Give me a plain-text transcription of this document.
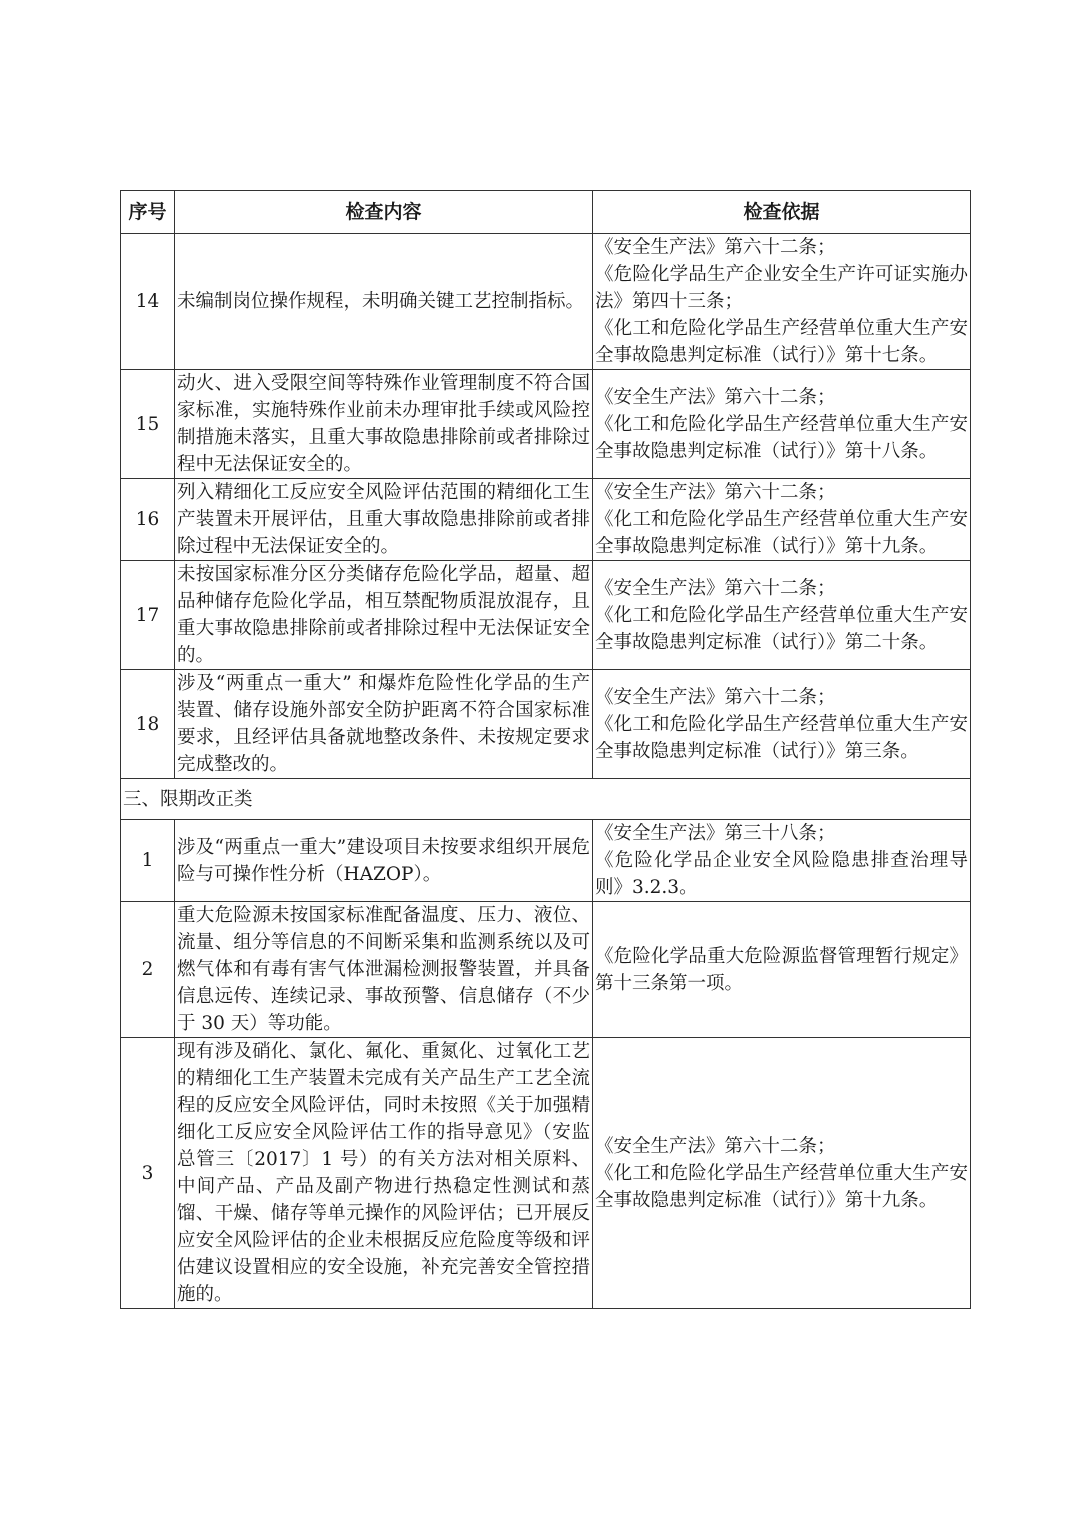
序号	检查内容	检查依据
14	未编制岗位操作规程，未明确关键工艺控制指标。	《安全生产法》第六十二条；
《危险化学品生产企业安全生产许可证实施办法》第四十三条；
《化工和危险化学品生产经营单位重大生产安全事故隐患判定标准（试行）》第十七条。
15	动火、进入受限空间等特殊作业管理制度不符合国家标准，实施特殊作业前未办理审批手续或风险控制措施未落实，且重大事故隐患排除前或者排除过程中无法保证安全的。	《安全生产法》第六十二条；
《化工和危险化学品生产经营单位重大生产安全事故隐患判定标准（试行）》第十八条。
16	列入精细化工反应安全风险评估范围的精细化工生产装置未开展评估，且重大事故隐患排除前或者排除过程中无法保证安全的。	《安全生产法》第六十二条；
《化工和危险化学品生产经营单位重大生产安全事故隐患判定标准（试行）》第十九条。
17	未按国家标准分区分类储存危险化学品，超量、超品种储存危险化学品，相互禁配物质混放混存，且重大事故隐患排除前或者排除过程中无法保证安全的。	《安全生产法》第六十二条；
《化工和危险化学品生产经营单位重大生产安全事故隐患判定标准（试行）》第二十条。
18	涉及“两重点一重大” 和爆炸危险性化学品的生产装置、储存设施外部安全防护距离不符合国家标准要求，且经评估具备就地整改条件、未按规定要求完成整改的。	《安全生产法》第六十二条；
《化工和危险化学品生产经营单位重大生产安全事故隐患判定标准（试行）》第三条。
三、限期改正类		
1	涉及“两重点一重大”建设项目未按要求组织开展危险与可操作性分析（HAZOP）。	《安全生产法》第三十八条；
《危险化学品企业安全风险隐患排查治理导则》3.2.3。
2	重大危险源未按国家标准配备温度、压力、液位、流量、组分等信息的不间断采集和监测系统以及可燃气体和有毒有害气体泄漏检测报警装置，并具备信息远传、连续记录、事故预警、信息储存（不少于 30 天）等功能。	《危险化学品重大危险源监督管理暂行规定》第十三条第一项。
3	现有涉及硝化、氯化、氟化、重氮化、过氧化工艺的精细化工生产装置未完成有关产品生产工艺全流程的反应安全风险评估，同时未按照《关于加强精细化工反应安全风险评估工作的指导意见》（安监总管三〔2017〕1 号）的有关方法对相关原料、中间产品、产品及副产物进行热稳定性测试和蒸馏、干燥、储存等单元操作的风险评估；已开展反应安全风险评估的企业未根据反应危险度等级和评估建议设置相应的安全设施，补充完善安全管控措施的。	《安全生产法》第六十二条；
《化工和危险化学品生产经营单位重大生产安全事故隐患判定标准（试行）》第十九条。
